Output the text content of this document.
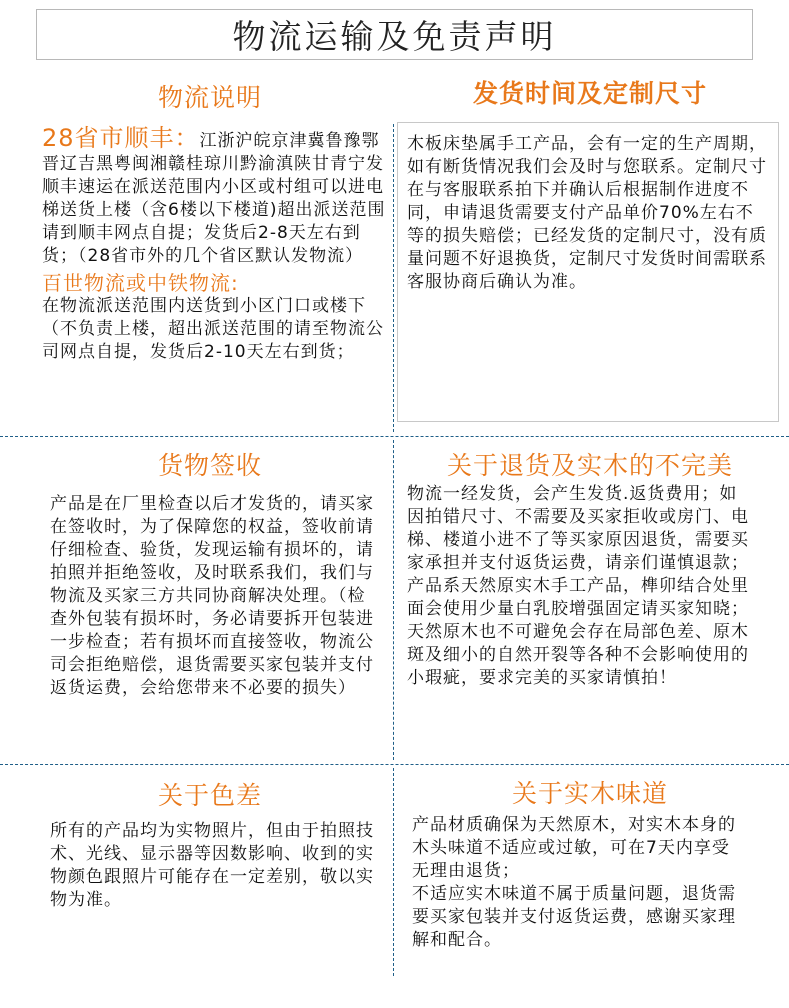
物流运输及免责声明
物流说明

28省市顺丰：江浙沪皖京津冀鲁豫鄂晋辽吉黑粤闽湘赣桂琼川黔渝滇陕甘青宁发顺丰速运在派送范围内小区或村组可以进电梯送货上楼（含6楼以下楼道)超出派送范围请到顺丰网点自提；发货后2-8天左右到货；（28省市外的几个省区默认发物流）

百世物流或中铁物流:

在物流派送范围内送货到小区门口或楼下（不负责上楼，超出派送范围的请至物流公司网点自提，发货后2-10天左右到货；

发货时间及定制尺寸
木板床垫属手工产品，会有一定的生产周期，如有断货情况我们会及时与您联系。定制尺寸在与客服联系拍下并确认后根据制作进度不同，申请退货需要支付产品单价70%左右不等的损失赔偿；已经发货的定制尺寸，没有质量问题不好退换货，定制尺寸发货时间需联系客服协商后确认为准。
货物签收
产品是在厂里检查以后才发货的，请买家在签收时，为了保障您的权益，签收前请仔细检查、验货，发现运输有损坏的，请拍照并拒绝签收，及时联系我们，我们与物流及买家三方共同协商解决处理。（检查外包装有损坏时，务必请要拆开包装进一步检查；若有损坏而直接签收，物流公司会拒绝赔偿，退货需要买家包装并支付返货运费，会给您带来不必要的损失）
关于退货及实木的不完美
物流一经发货，会产生发货.返货费用；如因拍错尺寸、不需要及买家拒收或房门、电梯、楼道小进不了等买家原因退货，需要买家承担并支付返货运费，请亲们谨慎退款；产品系天然原实木手工产品，榫卯结合处里面会使用少量白乳胶增强固定请买家知晓；天然原木也不可避免会存在局部色差、原木斑及细小的自然开裂等各种不会影响使用的小瑕疵，要求完美的买家请慎拍！
关于色差
所有的产品均为实物照片，但由于拍照技术、光线、显示器等因数影响、收到的实物颜色跟照片可能存在一定差别，敬以实物为准。
关于实木味道

产品材质确保为天然原木，对实木本身的木头味道不适应或过敏，可在7天内享受无理由退货；

不适应实木味道不属于质量问题，退货需要买家包装并支付返货运费，感谢买家理解和配合。
